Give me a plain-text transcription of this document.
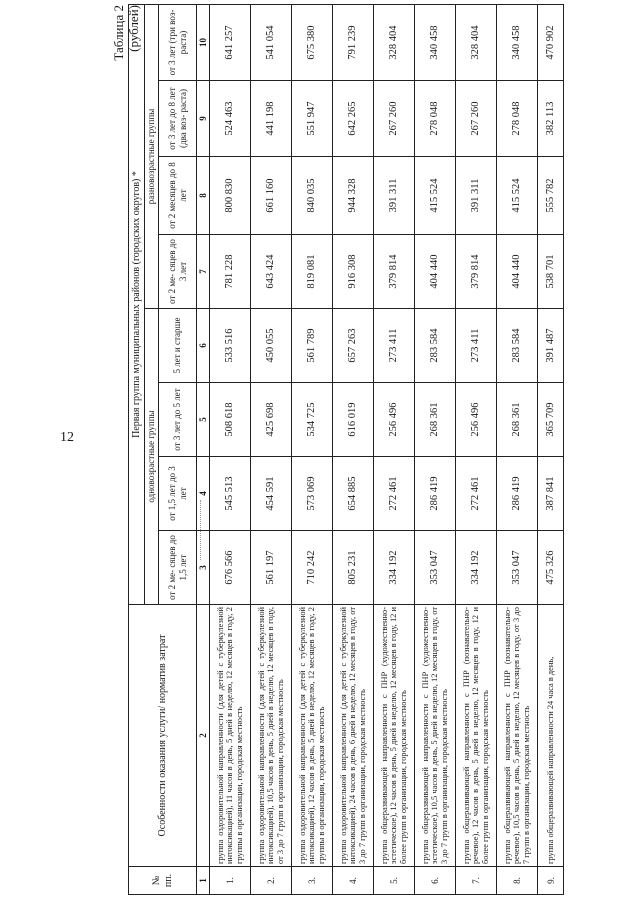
12
Таблица 2 (рублей)
№ пп.	Особенности оказания услуги/ норматив затрат	Первая группа муниципальных районов (городских округов) *							
		одновозрастные группы				разновозрастные группы			
		от 2 ме- сяцев до 1,5 лет	от 1,5 лет до 3 лет	от 3 лет до 5 лет	5 лет и старше	от 2 ме- сяцев до 3 лет	от 2 месяцев до 8 лет	от 3 лет до 8 лет (два воз- раста)	от 3 лет (три воз- раста)
1	2	3	4	5	6	7	8	9	10
1.	группа оздоровительной направленности (для детей с туберкулезной интоксикацией), 11 часов в день, 5 дней в неделю, 12 месяцев в году, 2 группы в организации, городская местность	676 566	545 513	508 618	533 516	781 228	800 830	524 463	641 257
2.	группа оздоровительной направленности (для детей с туберкулезной интоксикацией), 10,5 часов в день, 5 дней в неделю, 12 месяцев в году, от 3 до 7 групп в организации, городская местность	561 197	454 591	425 698	450 055	643 424	661 160	441 198	541 054
3.	группа оздоровительной направленности (для детей с туберкулезной интоксикацией), 12 часов в день, 5 дней в неделю, 12 месяцев в году, 2 группы в организации, городская местность	710 242	573 069	534 725	561 789	819 081	840 035	551 947	675 380
4.	группа оздоровительной направленности (для детей с туберкулезной интоксикацией), 24 часов в день, 6 дней в неделю, 12 месяцев в году, от 3 до 7 групп в организации, городская местность	805 231	654 885	616 019	657 263	916 308	944 328	642 265	791 239
5.	группа общеразвивающей направленности с ПНР (художественно-эстетическое), 12 часов в день, 5 дней в неделю, 12 месяцев в году, 12 и более групп в организации, городская местность	334 192	272 461	256 496	273 411	379 814	391 311	267 260	328 404
6.	группа общеразвивающей направленности с ПНР (художественно-эстетическое), 10,5 часов в день, 5 дней в неделю, 12 месяцев в году, от 3 до 7 групп в организации, городская местность	353 047	286 419	268 361	283 584	404 440	415 524	278 048	340 458
7.	группа общеразвивающей направленности с ПНР (познавательно-речевое), 12 часов в день, 5 дней в неделю, 12 месяцев в году, 12 и более групп в организации, городская местность	334 192	272 461	256 496	273 411	379 814	391 311	267 260	328 404
8.	группа общеразвивающей направленности с ПНР (познавательно-речевое), 10,5 часов в день, 5 дней в неделю, 12 месяцев в году, от 3 до 7 групп в организации, городская местность	353 047	286 419	268 361	283 584	404 440	415 524	278 048	340 458
9.	группа общеразвивающей направленности 24 часа в день,	475 326	387 841	365 709	391 487	538 701	555 782	382 113	470 902
